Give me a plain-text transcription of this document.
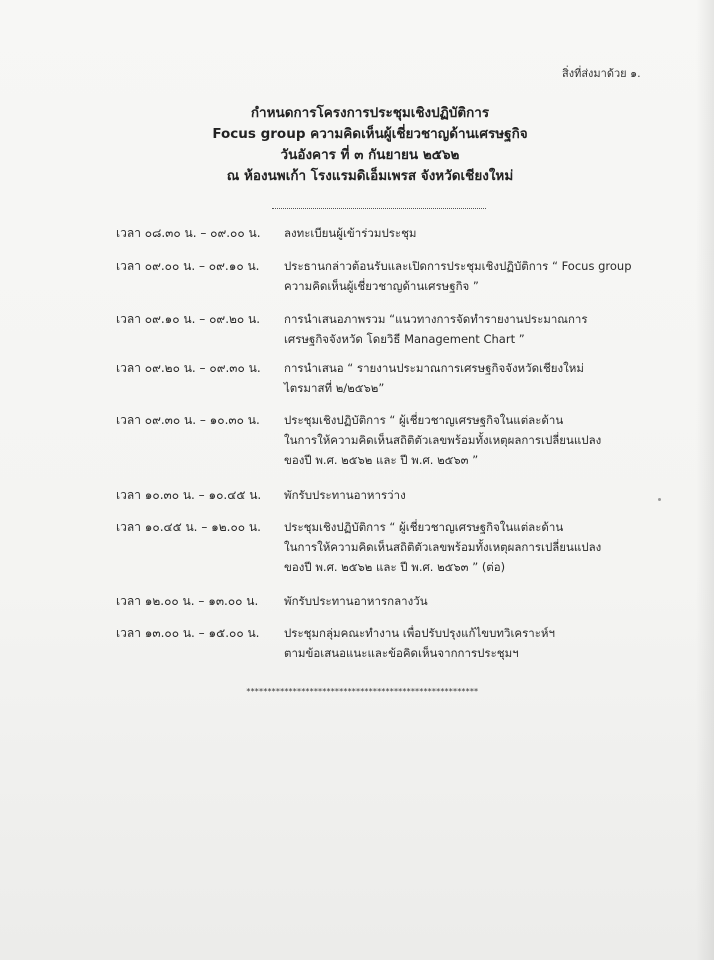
สิ่งที่ส่งมาด้วย ๑.
กำหนดการโครงการประชุมเชิงปฏิบัติการ
Focus group ความคิดเห็นผู้เชี่ยวชาญด้านเศรษฐกิจ
วันอังคาร ที่ ๓ กันยายน ๒๕๖๒
ณ ห้องนพเก้า โรงแรมดิเอ็มเพรส จังหวัดเชียงใหม่
เวลา ๐๘.๓๐ น. – ๐๙.๐๐ น.	ลงทะเบียนผู้เข้าร่วมประชุม
เวลา ๐๙.๐๐ น. – ๐๙.๑๐ น.	ประธานกล่าวต้อนรับและเปิดการประชุมเชิงปฏิบัติการ “ Focus group
ความคิดเห็นผู้เชี่ยวชาญด้านเศรษฐกิจ ”
เวลา ๐๙.๑๐ น. – ๐๙.๒๐ น.	การนำเสนอภาพรวม “แนวทางการจัดทำรายงานประมาณการ
เศรษฐกิจจังหวัด โดยวิธี Management Chart ”
เวลา ๐๙.๒๐ น. – ๐๙.๓๐ น.	การนำเสนอ “ รายงานประมาณการเศรษฐกิจจังหวัดเชียงใหม่
ไตรมาสที่ ๒/๒๕๖๒”
เวลา ๐๙.๓๐ น. – ๑๐.๓๐ น.	ประชุมเชิงปฏิบัติการ “ ผู้เชี่ยวชาญเศรษฐกิจในแต่ละด้าน
ในการให้ความคิดเห็นสถิติตัวเลขพร้อมทั้งเหตุผลการเปลี่ยนแปลง
ของปี พ.ศ. ๒๕๖๒ และ ปี พ.ศ. ๒๕๖๓ ”
เวลา ๑๐.๓๐ น. – ๑๐.๔๕ น.	พักรับประทานอาหารว่าง
เวลา ๑๐.๔๕ น. – ๑๒.๐๐ น.	ประชุมเชิงปฏิบัติการ “ ผู้เชี่ยวชาญเศรษฐกิจในแต่ละด้าน
ในการให้ความคิดเห็นสถิติตัวเลขพร้อมทั้งเหตุผลการเปลี่ยนแปลง
ของปี พ.ศ. ๒๕๖๒ และ ปี พ.ศ. ๒๕๖๓ ” (ต่อ)
เวลา ๑๒.๐๐ น. – ๑๓.๐๐ น.	พักรับประทานอาหารกลางวัน
เวลา ๑๓.๐๐ น. – ๑๕.๐๐ น.	ประชุมกลุ่มคณะทำงาน เพื่อปรับปรุงแก้ไขบทวิเคราะห์ฯ
ตามข้อเสนอแนะและข้อคิดเห็นจากการประชุมฯ
*******************************************************
